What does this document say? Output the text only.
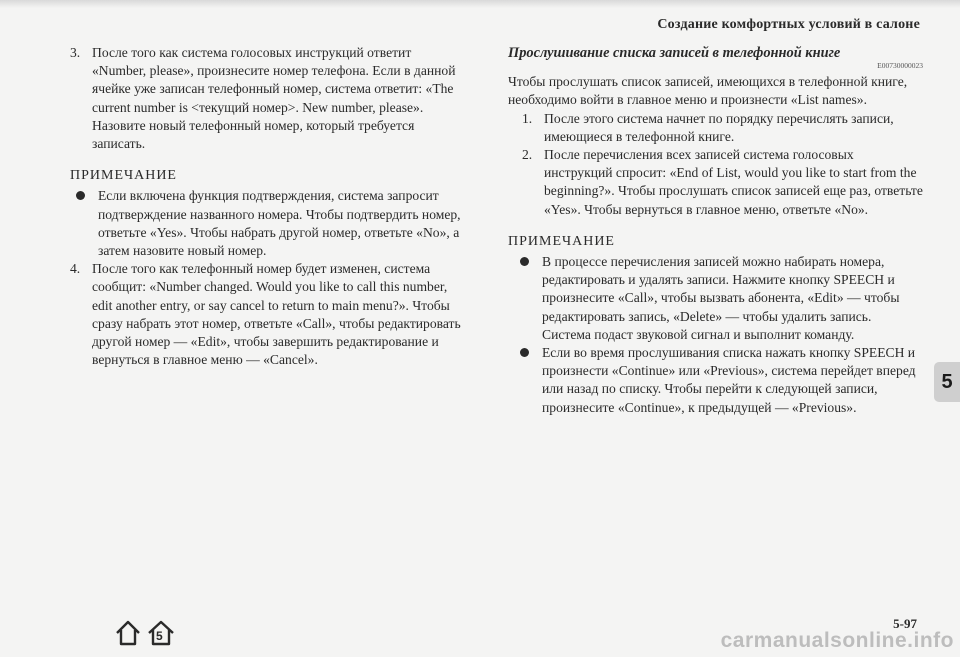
Создание комфортных условий в салоне
3. После того как система голосовых инструкций ответит «Number, please», произнесите номер телефона. Если в данной ячейке уже записан телефонный номер, система ответит: «The current number is <текущий номер>. New number, please». Назовите новый телефонный номер, который требуется записать.
ПРИМЕЧАНИЕ
Если включена функция подтверждения, система запросит подтверждение названного номера. Чтобы подтвердить номер, ответьте «Yes». Чтобы набрать другой номер, ответьте «No», а затем назовите новый номер.
4. После того как телефонный номер будет изменен, система сообщит: «Number changed. Would you like to call this number, edit another entry, or say cancel to return to main menu?». Чтобы сразу набрать этот номер, ответьте «Call», чтобы редактировать другой номер — «Edit», чтобы завершить редактирование и вернуться в главное меню — «Cancel».
Прослушивание списка записей в телефонной книге
E00730000023

Чтобы прослушать список записей, имеющихся в телефонной книге, необходимо войти в главное меню и произнести «List names».

1. После этого система начнет по порядку перечислять записи, имеющиеся в телефонной книге.
2. После перечисления всех записей система голосовых инструкций спросит: «End of List, would you like to start from the beginning?». Чтобы прослушать список записей еще раз, ответьте «Yes». Чтобы вернуться в главное меню, ответьте «No».
ПРИМЕЧАНИЕ
В процессе перечисления записей можно набирать номера, редактировать и удалять записи. Нажмите кнопку SPEECH и произнесите «Call», чтобы вызвать абонента, «Edit» — чтобы редактировать запись, «Delete» — чтобы удалить запись. Система подаст звуковой сигнал и выполнит команду.
Если во время прослушивания списка нажать кнопку SPEECH и произнести «Continue» или «Previous», система перейдет вперед или назад по списку. Чтобы перейти к следующей записи, произнесите «Continue», к предыдущей — «Previous».
5
5
5-97
carmanualsonline.info
